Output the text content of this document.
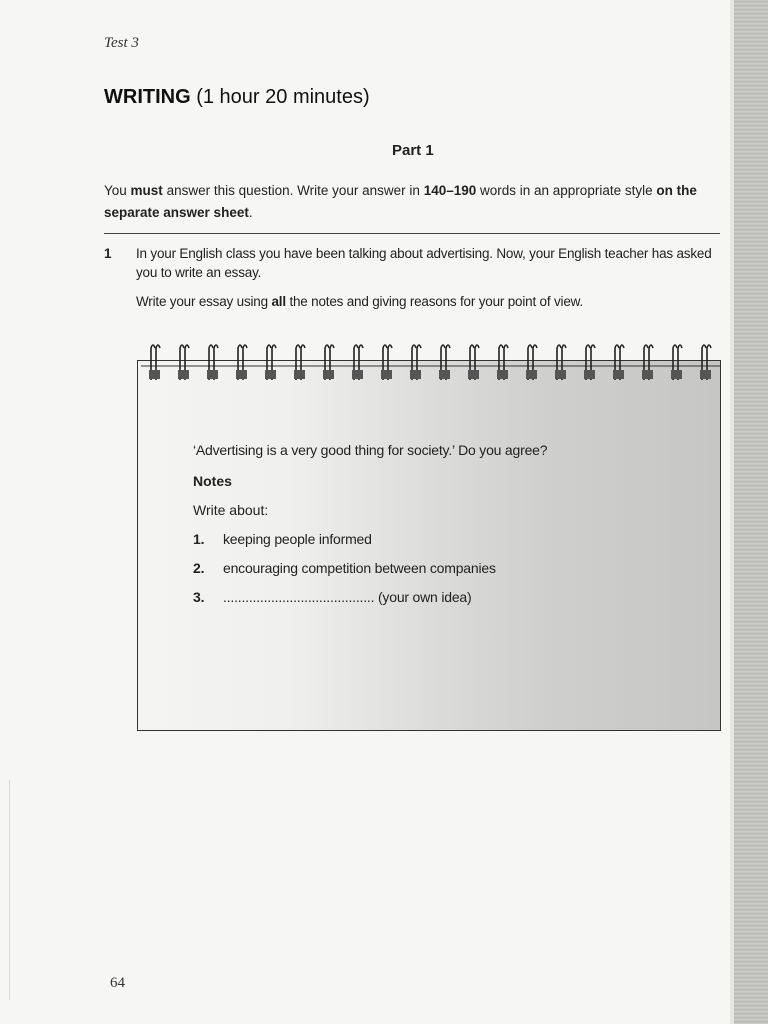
Test 3
WRITING (1 hour 20 minutes)
Part 1
You must answer this question. Write your answer in 140–190 words in an appropriate style on the separate answer sheet.
1 In your English class you have been talking about advertising. Now, your English teacher has asked you to write an essay.
Write your essay using all the notes and giving reasons for your point of view.
‘Advertising is a very good thing for society.’ Do you agree?
Notes
Write about:
1. keeping people informed
2. encouraging competition between companies
3. ......................................... (your own idea)
64
